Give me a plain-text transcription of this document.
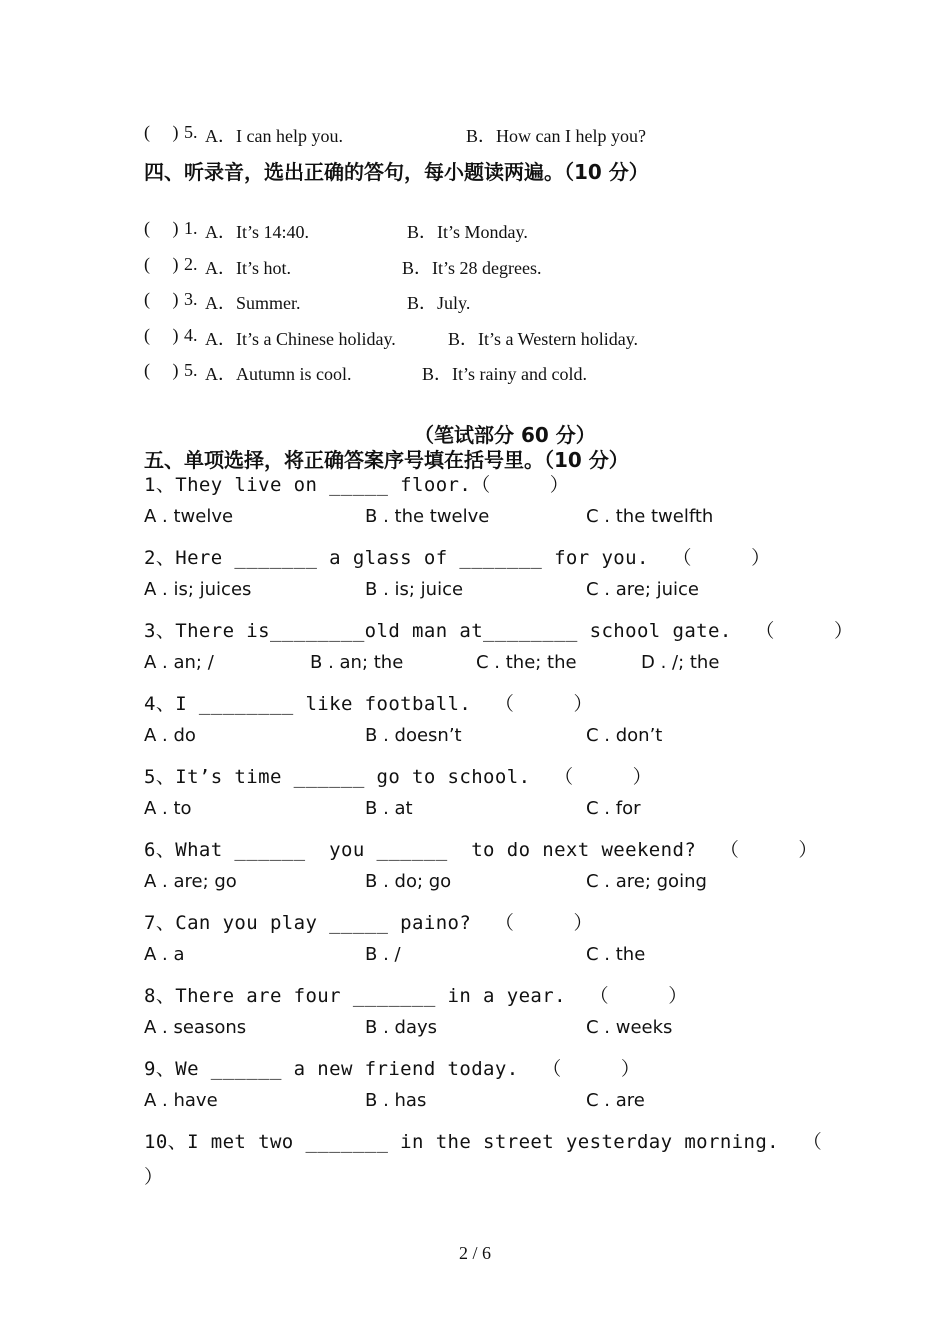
(     ) 5. A．I can help you.	B．How can I help you?
四、听录音，选出正确的答句，每小题读两遍。（10 分）
(     ) 1. A．It’s 14:40.	B．It’s Monday.
(     ) 2. A．It’s hot.	B．It’s 28 degrees.
(     ) 3. A．Summer.	B．July.
(     ) 4. A．It’s a Chinese holiday.	B．It’s a Western holiday.
(     ) 5. A．Autumn is cool.	B．It’s rainy and cold.
（笔试部分 60 分）
五、单项选择，将正确答案序号填在括号里。（10 分）
1、They live on _____ floor.（     ）
A . twelve	B . the twelve	C . the twelfth
2、Here _______ a glass of _______ for you.  （     ）
A . is; juices	B . is; juice	C . are; juice
3、There is________old man at________ school gate.  （     ）
A . an; /	B . an; the	C . the; the	D . /; the
4、I ________ like football.  （     ）
A . do	B . doesn’t	C . don’t
5、It’s time ______ go to school.  （     ）
A . to	B . at	C . for
6、What ______  you ______  to do next weekend?  （     ）
A . are; go	B . do; go	C . are; going
7、Can you play _____ paino?  （     ）
A . a	B . /	C . the
8、There are four _______ in a year.  （     ）
A . seasons	B . days	C . weeks
9、We ______ a new friend today.  （     ）
A . have	B . has	C . are
10、I met two _______ in the street yesterday morning.  （
）
2 / 6
